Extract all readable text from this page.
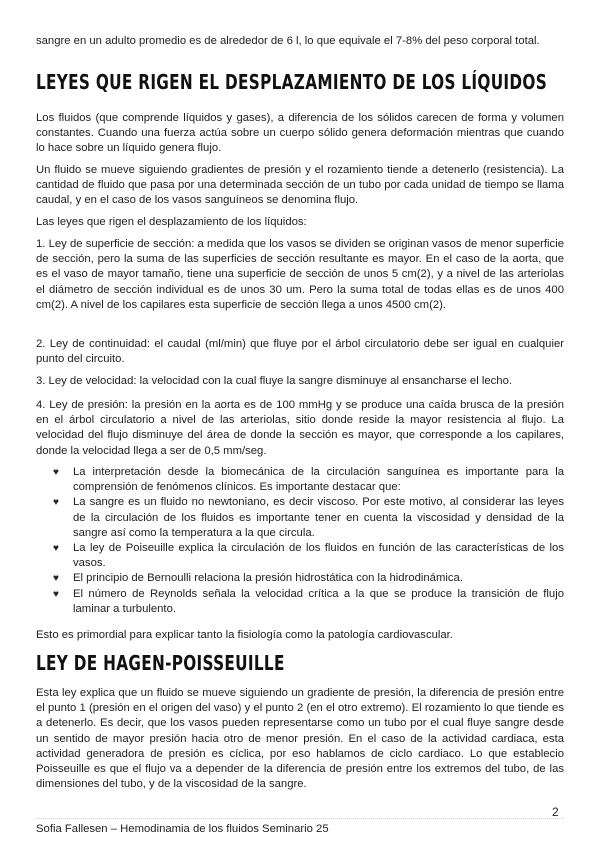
sangre en un adulto promedio es de alrededor de 6 l, lo que equivale el 7-8% del peso corporal total.

LEYES QUE RIGEN EL DESPLAZAMIENTO DE LOS LÍQUIDOS

Los fluidos (que comprende líquidos y gases), a diferencia de los sólidos carecen de forma y volumen constantes. Cuando una fuerza actúa sobre un cuerpo sólido genera deformación mientras que cuando lo hace sobre un líquido genera flujo.

Un fluido se mueve siguiendo gradientes de presión y el rozamiento tiende a detenerlo (resistencia). La cantidad de fluido que pasa por una determinada sección de un tubo por cada unidad de tiempo se llama caudal, y en el caso de los vasos sanguíneos se denomina flujo.

Las leyes que rigen el desplazamiento de los líquidos:

1. Ley de superficie de sección: a medida que los vasos se dividen se originan vasos de menor superficie de sección, pero la suma de las superficies de sección resultante es mayor. En el caso de la aorta, que es el vaso de mayor tamaño, tiene una superficie de sección de unos 5 cm(2), y a nivel de las arteriolas el diámetro de sección individual es de unos 30 um. Pero la suma total de todas ellas es de unos 400 cm(2). A nivel de los capilares esta superficie de sección llega a unos 4500 cm(2).

2. Ley de continuidad: el caudal (ml/min) que fluye por el árbol circulatorio debe ser igual en cualquier punto del circuito.

3. Ley de velocidad: la velocidad con la cual fluye la sangre disminuye al ensancharse el lecho.

4. Ley de presión: la presión en la aorta es de 100 mmHg y se produce una caída brusca de la presión en el árbol circulatorio a nivel de las arteriolas, sitio donde reside la mayor resistencia al flujo. La velocidad del flujo disminuye del área de donde la sección es mayor, que corresponde a los capilares, donde la velocidad llega a ser de 0,5 mm/seg.

♥ La interpretación desde la biomecánica de la circulación sanguínea es importante para la comprensión de fenómenos clínicos. Es importante destacar que:
♥ La sangre es un fluido no newtoniano, es decir viscoso. Por este motivo, al considerar las leyes de la circulación de los fluidos es importante tener en cuenta la viscosidad y densidad de la sangre así como la temperatura a la que circula.
♥ La ley de Poiseuille explica la circulación de los fluidos en función de las características de los vasos.
♥ El principio de Bernoulli relaciona la presión hidrostática con la hidrodinámica.
♥ El número de Reynolds señala la velocidad crítica a la que se produce la transición de flujo laminar a turbulento.

Esto es primordial para explicar tanto la fisiología como la patología cardiovascular.

LEY DE HAGEN-POISSEUILLE

Esta ley explica que un fluido se mueve siguiendo un gradiente de presión, la diferencia de presión entre el punto 1 (presión en el origen del vaso) y el punto 2 (en el otro extremo). El rozamiento lo que tiende es a detenerlo. Es decir, que los vasos pueden representarse como un tubo por el cual fluye sangre desde un sentido de mayor presión hacia otro de menor presión. En el caso de la actividad cardiaca, esta actividad generadora de presión es cíclica, por eso hablamos de ciclo cardiaco. Lo que establecio Poisseuille es que el flujo va a depender de la diferencia de presión entre los extremos del tubo, de las dimensiones del tubo, y de la viscosidad de la sangre.

2
Sofia Fallesen – Hemodinamia de los fluidos Seminario 25
